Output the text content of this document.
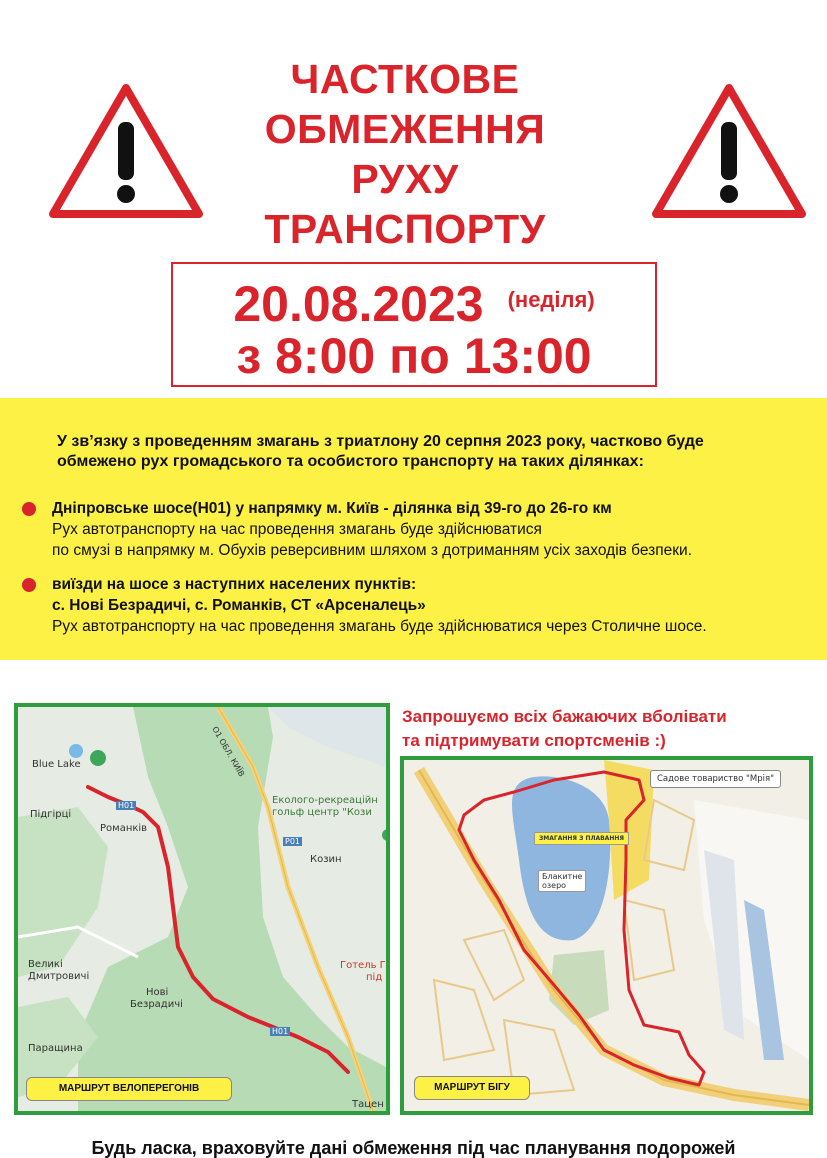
ЧАСТКОВЕ
ОБМЕЖЕННЯ
РУХУ
ТРАНСПОРТУ
20.08.2023 $^{(неділя)}$
з 8:00 по 13:00
У зв’язку з проведенням змагань з триатлону 20 серпня 2023 року, частково буде
обмежено рух громадського та особистого транспорту на таких ділянках:
Дніпровське шосе(Н01) у напрямку м. Київ - ділянка від 39-го до 26-го км
Рух автотранспорту на час проведення змагань буде здійснюватися
по смузі в напрямку м. Обухів реверсивним шляхом з дотриманням усіх заходів безпеки.
виїзди на шосе з наступних населених пунктів:
с. Нові Безрадичі, с. Романків, СТ «Арсеналець»
Рух автотранспорту на час проведення змагань буде здійснюватися через Столичне шосе.
Blue Lake
Підгірці
Романків
Козин
Еколого-рекреаційн
гольф центр "Кози
Великі
Дмитровичі
Нові
Безрадичі
Паращина
Готель Г
під
Р01
Н01
Н01
О1 ОБЛ. КИЇВ
Тацен
МАРШРУТ ВЕЛОПЕРЕГОНІВ
Запрошуємо всіх бажаючих вболівати
та підтримувати спортсменів :)
Садове товариство "Мрія"
ЗМАГАННЯ З ПЛАВАННЯ
Блакитне
озеро
МАРШРУТ БІГУ
Будь ласка, враховуйте дані обмеження під час планування подорожей
